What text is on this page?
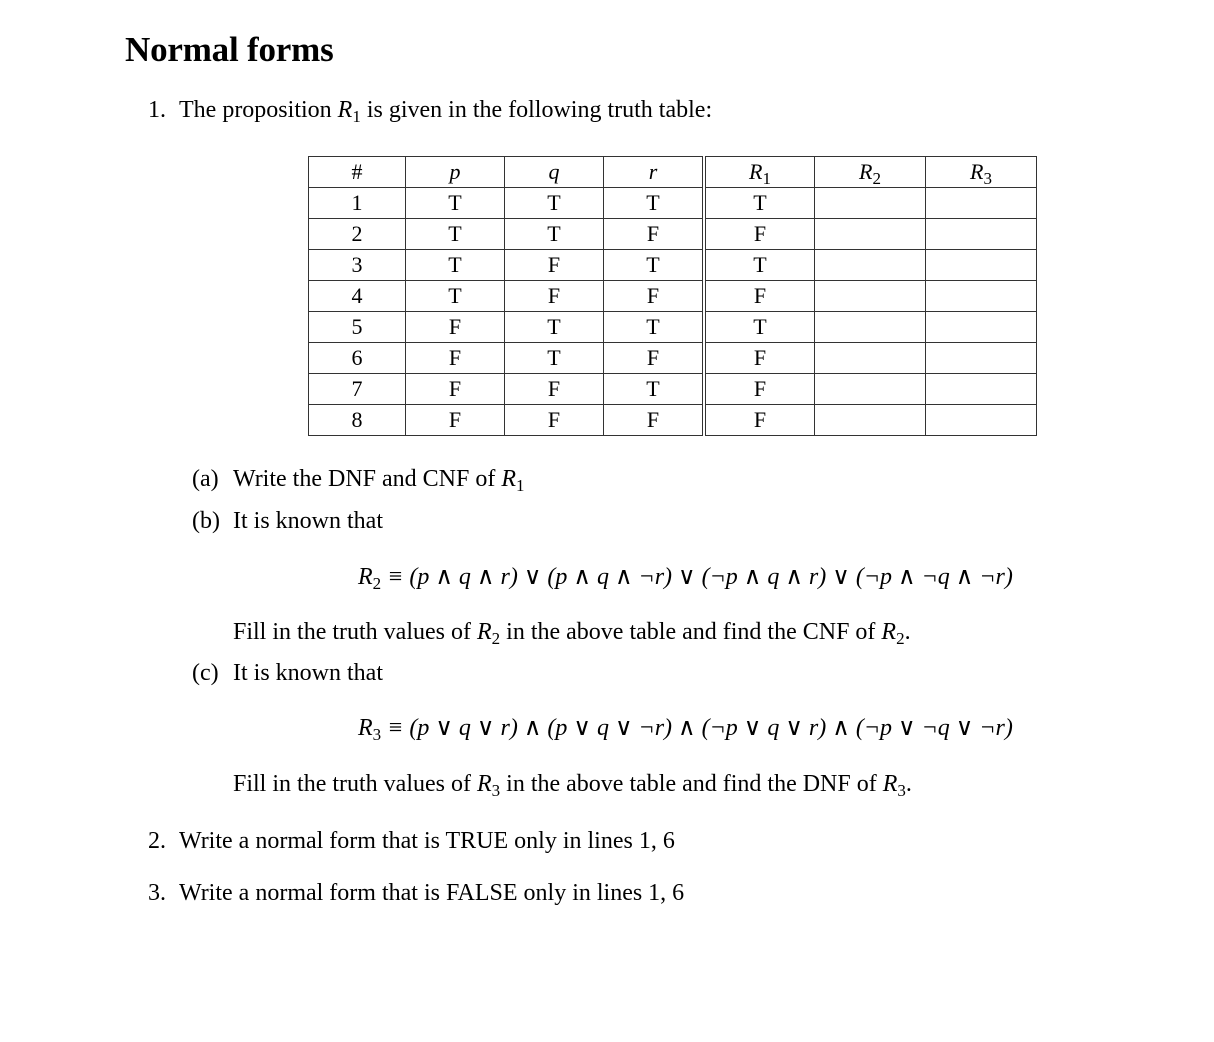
Normal forms
1. The proposition $R_1$ is given in the following truth table:
#	p	q	r	$R_1$	$R_2$	$R_3$
1	T	T	T	T		
2	T	T	F	F		
3	T	F	T	T		
4	T	F	F	F		
5	F	T	T	T		
6	F	T	F	F		
7	F	F	T	F		
8	F	F	F	F		
(a) Write the DNF and CNF of $R_1$
(b) It is known that
$R_2 \equiv (p$ ∧ q ∧ r) ∨ (p ∧ q ∧ ¬r) ∨ (¬p ∧ q ∧ r) ∨ (¬p ∧ ¬q ∧ ¬r)
Fill in the truth values of $R_2$ in the above table and find the CNF of $R_2$.
(c) It is known that
$R_3 \equiv (p$ ∨ q ∨ r) ∧ (p ∨ q ∨ ¬r) ∧ (¬p ∨ q ∨ r) ∧ (¬p ∨ ¬q ∨ ¬r)
Fill in the truth values of $R_3$ in the above table and find the DNF of $R_3$.
2. Write a normal form that is TRUE only in lines 1, 6
3. Write a normal form that is FALSE only in lines 1, 6
